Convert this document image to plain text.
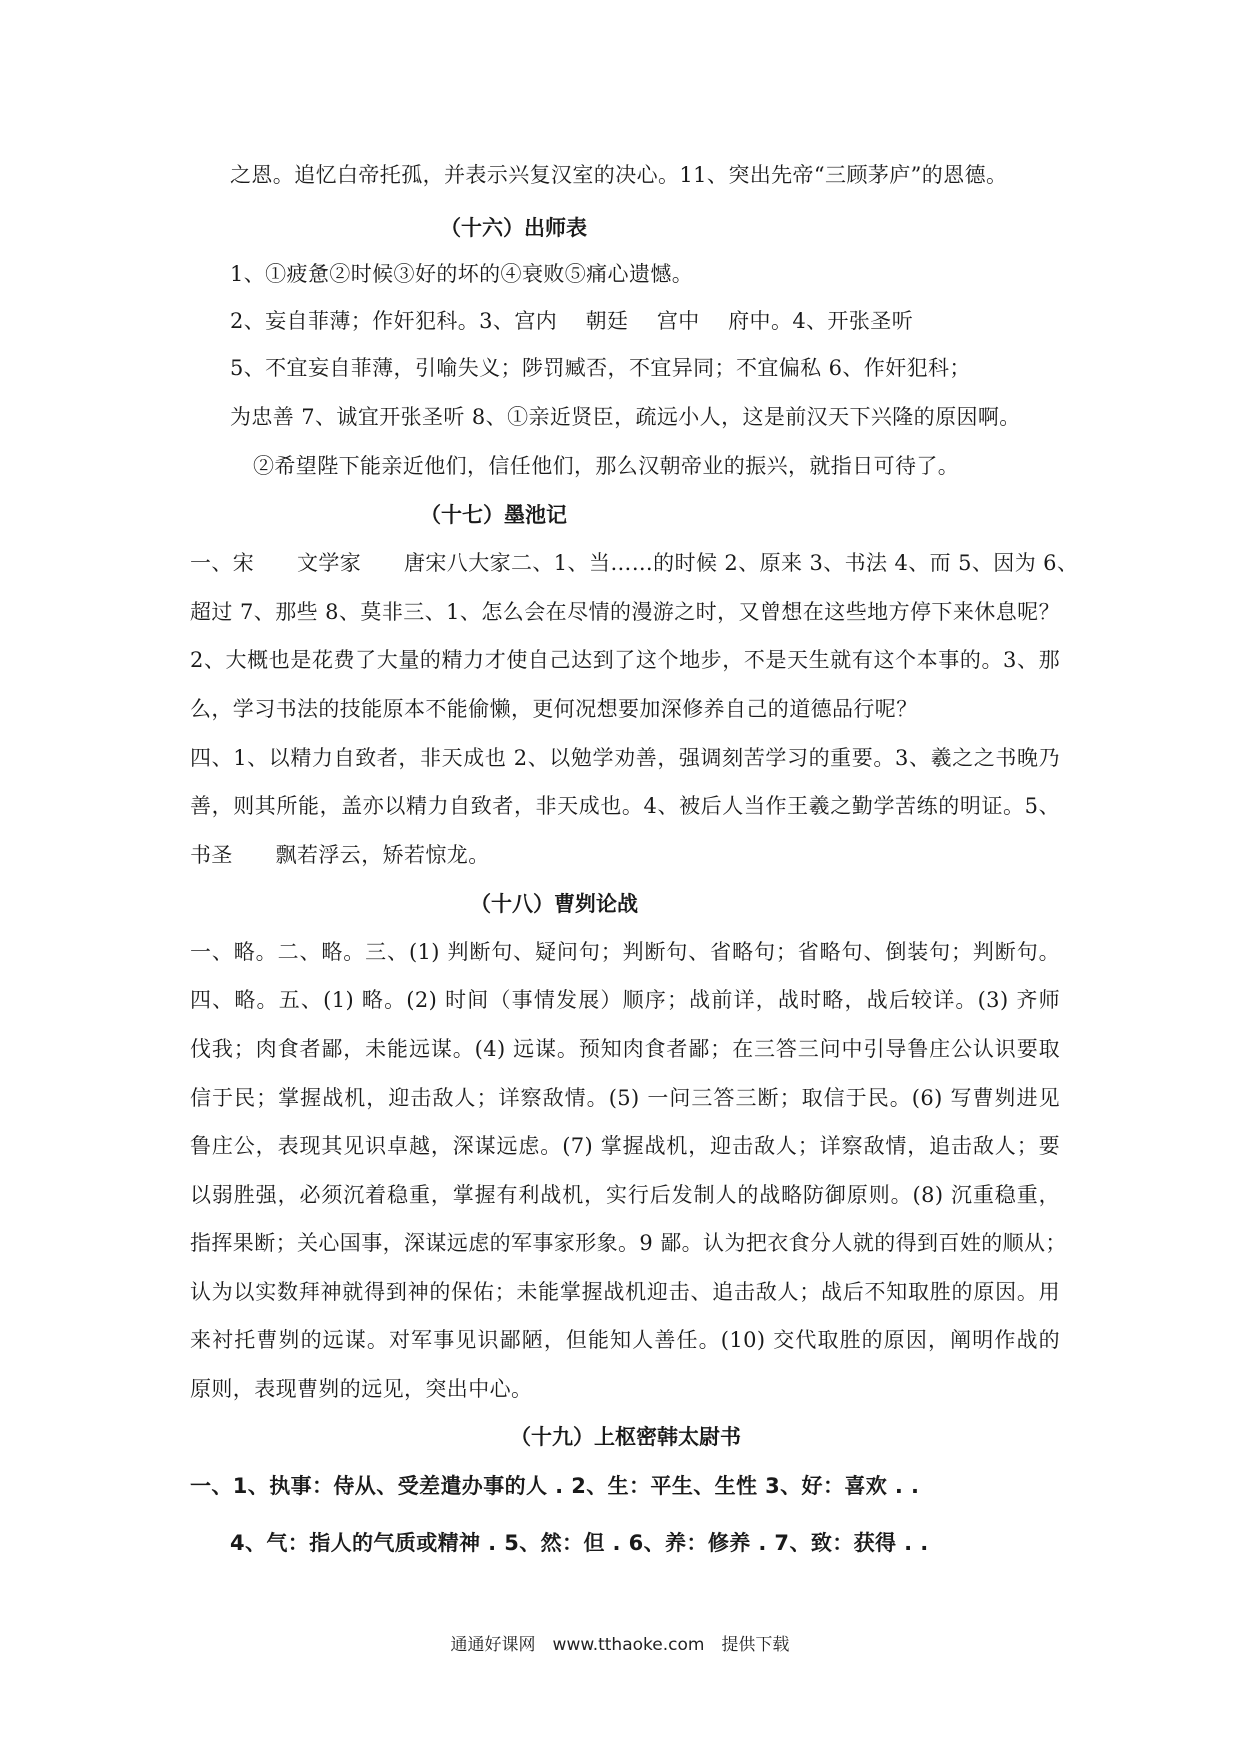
之恩。追忆白帝托孤，并表示兴复汉室的决心。11、突出先帝“三顾茅庐”的恩德。
（十六）出师表
1、①疲惫②时候③好的坏的④衰败⑤痛心遗憾。
2、妄自菲薄；作奸犯科。3、宫内　 朝廷　 宫中　 府中。4、开张圣听
5、不宜妄自菲薄，引喻失义；陟罚臧否，不宜异同；不宜偏私 6、作奸犯科；
为忠善 7、诚宜开张圣听 8、①亲近贤臣，疏远小人，这是前汉天下兴隆的原因啊。
②希望陛下能亲近他们，信任他们，那么汉朝帝业的振兴，就指日可待了。
（十七）墨池记
一、宋　　文学家　　唐宋八大家二、1、当……的时候 2、原来 3、书法 4、而 5、因为 6、
超过 7、那些 8、莫非三、1、怎么会在尽情的漫游之时，又曾想在这些地方停下来休息呢？
2、大概也是花费了大量的精力才使自己达到了这个地步，不是天生就有这个本事的。3、那
么，学习书法的技能原本不能偷懒，更何况想要加深修养自己的道德品行呢？
四、1、以精力自致者，非天成也 2、以勉学劝善，强调刻苦学习的重要。3、羲之之书晚乃
善，则其所能，盖亦以精力自致者，非天成也。4、被后人当作王羲之勤学苦练的明证。5、
书圣　　飘若浮云，矫若惊龙。
（十八）曹刿论战
一、略。二、略。三、(1) 判断句、疑问句；判断句、省略句；省略句、倒装句；判断句。
四、略。五、(1) 略。(2) 时间（事情发展）顺序；战前详，战时略，战后较详。(3) 齐师
伐我；肉食者鄙，未能远谋。(4) 远谋。预知肉食者鄙；在三答三问中引导鲁庄公认识要取
信于民；掌握战机，迎击敌人；详察敌情。(5) 一问三答三断；取信于民。(6) 写曹刿进见
鲁庄公，表现其见识卓越，深谋远虑。(7) 掌握战机，迎击敌人；详察敌情，追击敌人；要
以弱胜强，必须沉着稳重，掌握有利战机，实行后发制人的战略防御原则。(8) 沉重稳重，
指挥果断；关心国事，深谋远虑的军事家形象。9 鄙。认为把衣食分人就的得到百姓的顺从；
认为以实数拜神就得到神的保佑；未能掌握战机迎击、追击敌人；战后不知取胜的原因。用
来衬托曹刿的远谋。对军事见识鄙陋，但能知人善任。(10) 交代取胜的原因，阐明作战的
原则，表现曹刿的远见，突出中心。
（十九）上枢密韩太尉书
一、1、执事：侍从、受差遣办事的人 . 2、生：平生、生性 3、好：喜欢 . .
4、气：指人的气质或精神 . 5、然：但 . 6、养：修养 . 7、致：获得 . .
通通好课网　www.tthaoke.com　提供下载
